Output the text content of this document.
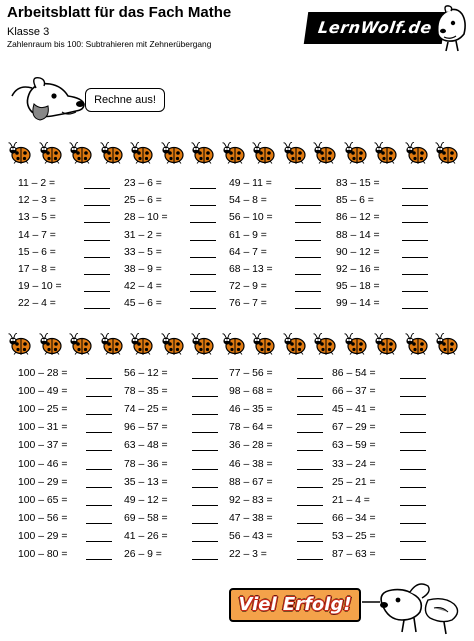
Arbeitsblatt für das Fach Mathe
Klasse 3
Zahlenraum bis 100: Subtrahieren mit Zehnerübergang
LernWolf.de
Rechne aus!
11 – 2 =
12 – 3 =
13 – 5 =
14 – 7 =
15 – 6 =
17 – 8 =
19 – 10 =
22 – 4 =
23 – 6 =
25 – 6 =
28 – 10 =
31 – 2 =
33 – 5 =
38 – 9 =
42 – 4 =
45 – 6 =
49 – 11 =
54 – 8 =
56 – 10 =
61 – 9 =
64 – 7 =
68 – 13 =
72 – 9 =
76 – 7 =
83 – 15 =
85 – 6 =
86 – 12 =
88 – 14 =
90 – 12 =
92 – 16 =
95 – 18 =
99 – 14 =
100 – 28 =
100 – 49 =
100 – 25 =
100 – 31 =
100 – 37 =
100 – 46 =
100 – 29 =
100 – 65 =
100 – 56 =
100 – 29 =
100 – 80 =
56 – 12 =
78 – 35 =
74 – 25 =
96 – 57 =
63 – 48 =
78 – 36 =
35 – 13 =
49 – 12 =
69 – 58 =
41 – 26 =
26 – 9 =
77 – 56 =
98 – 68 =
46 – 35 =
78 – 64 =
36 – 28 =
46 – 38 =
88 – 67 =
92 – 83 =
47 – 38 =
56 – 43 =
22 – 3 =
86 – 54 =
66 – 37 =
45 – 41 =
67 – 29 =
63 – 59 =
33 – 24 =
25 – 21 =
21 – 4 =
66 – 34 =
53 – 25 =
87 – 63 =
Viel Erfolg!
